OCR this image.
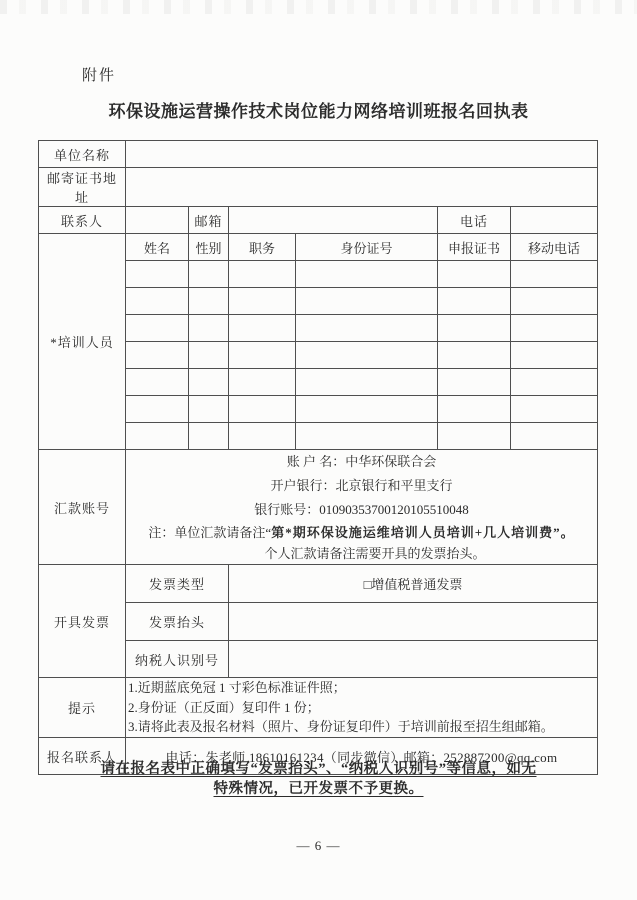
附件
环保设施运营操作技术岗位能力网络培训班报名回执表
单位名称						
邮寄证书地址						
联系人		邮箱			电话	
*培训人员	姓名	性别	职务	身份证号	申报证书	移动电话

汇款账号	账 户 名：中华环保联合会
开户银行：北京银行和平里支行
银行账号：01090353700120105510048
注：单位汇款请备注“第*期环保设施运维培训人员培训+几人培训费”。
个人汇款请备注需要开具的发票抬头。					

开具发票	发票类型		□增值税普通发票			
	发票抬头					
	纳税人识别号					
提示	1.近期蓝底免冠 1 寸彩色标准证件照；
2.身份证（正反面）复印件 1 份；
3.请将此表及报名材料（照片、身份证复印件）于培训前报至招生组邮箱。					

报名联系人	电话：朱老师 18610161234（同步微信）邮箱：252887200@qq.com					
请在报名表中正确填写“发票抬头”、“纳税人识别号”等信息，如无
特殊情况，已开发票不予更换。
— 6 —
